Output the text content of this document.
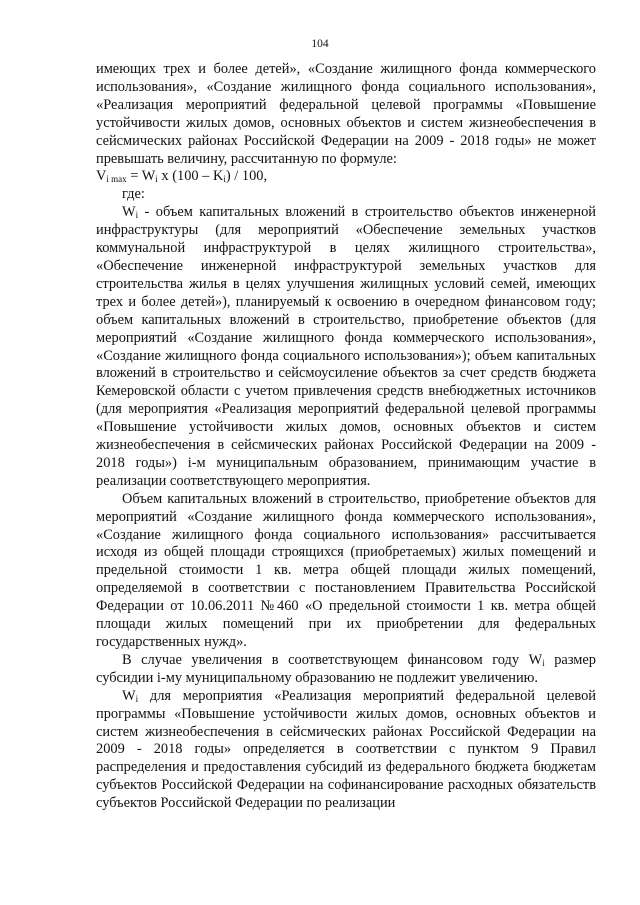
104

имеющих трех и более детей», «Создание жилищного фонда коммерческого использования», «Создание жилищного фонда социального использования», «Реализация мероприятий федеральной целевой программы «Повышение устойчивости жилых домов, основных объектов и систем жизнеобеспечения в сейсмических районах Российской Федерации на 2009 - 2018 годы» не может превышать величину, рассчитанную по формуле:

$V_{i max} = W_i$ x $(100 - K_i) / 100$,

где:

$W_i$ - объем капитальных вложений в строительство объектов инженерной инфраструктуры (для мероприятий «Обеспечение земельных участков коммунальной инфраструктурой в целях жилищного строительства», «Обеспечение инженерной инфраструктурой земельных участков для строительства жилья в целях улучшения жилищных условий семей, имеющих трех и более детей»), планируемый к освоению в очередном финансовом году; объем капитальных вложений в строительство, приобретение объектов (для мероприятий «Создание жилищного фонда коммерческого использования», «Создание жилищного фонда социального использования»); объем капитальных вложений в строительство и сейсмоусиление объектов за счет средств бюджета Кемеровской области с учетом привлечения средств внебюджетных источников (для мероприятия «Реализация мероприятий федеральной целевой программы «Повышение устойчивости жилых домов, основных объектов и систем жизнеобеспечения в сейсмических районах Российской Федерации на 2009 - 2018 годы») i-м муниципальным образованием, принимающим участие в реализации соответствующего мероприятия.

Объем капитальных вложений в строительство, приобретение объектов для мероприятий «Создание жилищного фонда коммерческого использования», «Создание жилищного фонда социального использования» рассчитывается исходя из общей площади строящихся (приобретаемых) жилых помещений и предельной стоимости 1 кв. метра общей площади жилых помещений, определяемой в соответствии с постановлением Правительства Российской Федерации от 10.06.2011 №460 «О предельной стоимости 1 кв. метра общей площади жилых помещений при их приобретении для федеральных государственных нужд».

В случае увеличения в соответствующем финансовом году $W_i$ размер субсидии i-му муниципальному образованию не подлежит увеличению.

$W_i$ для мероприятия «Реализация мероприятий федеральной целевой программы «Повышение устойчивости жилых домов, основных объектов и систем жизнеобеспечения в сейсмических районах Российской Федерации на 2009 - 2018 годы» определяется в соответствии с пунктом 9 Правил распределения и предоставления субсидий из федерального бюджета бюджетам субъектов Российской Федерации на софинансирование расходных обязательств субъектов Российской Федерации по реализации
